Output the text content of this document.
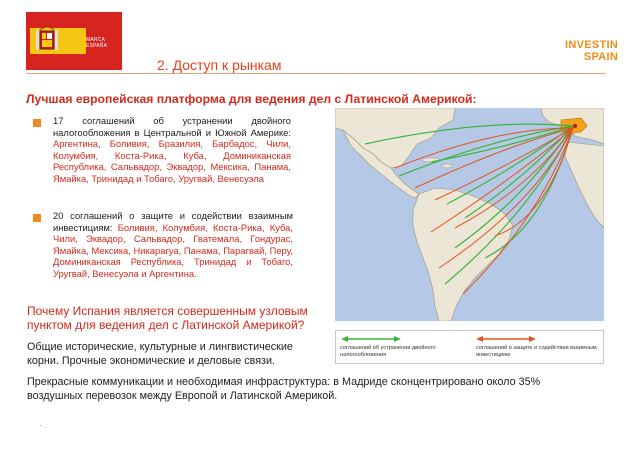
MARCA
ESPAÑA
2. Доступ к рынкам
INVESTIN
SPAIN
Лучшая европейская платформа для ведения дел с Латинской Америкой:
17 соглашений об устранении двойного налогообложения в Центральной и Южной Америке: Аргентина, Боливия, Бразилия, Барбадос, Чили, Колумбия, Коста-Рика, Куба, Доминиканская Республика, Сальвадор, Эквадор, Мексика, Панама, Ямайка, Тринидад и Тобаго, Уругвай, Венесуэла
20 соглашений о защите и содействии взаимным инвестициям: Боливия, Колумбия, Коста-Рика, Куба, Чили, Эквадор, Сальвадор, Гватемала, Гондурас, Ямайка, Мексика, Никарагуа, Панама, Парагвай, Перу, Доминиканская Республика, Тринидад и Тобаго, Уругвай, Венесуэла и Аргентина.
Почему Испания является совершенным узловым пунктом для ведения дел с Латинской Америкой?
Общие исторические, культурные и лингвистические корни. Прочные экономические и деловые связи.
Прекрасные коммуникации и необходимая инфраструктура: в Мадриде сконцентрировано около 35% воздушных перевозок между Европой и Латинской Америкой.
соглашений об устранении двойного налогообложения
соглашений о защите и содействии взаимным инвестициям
- .
